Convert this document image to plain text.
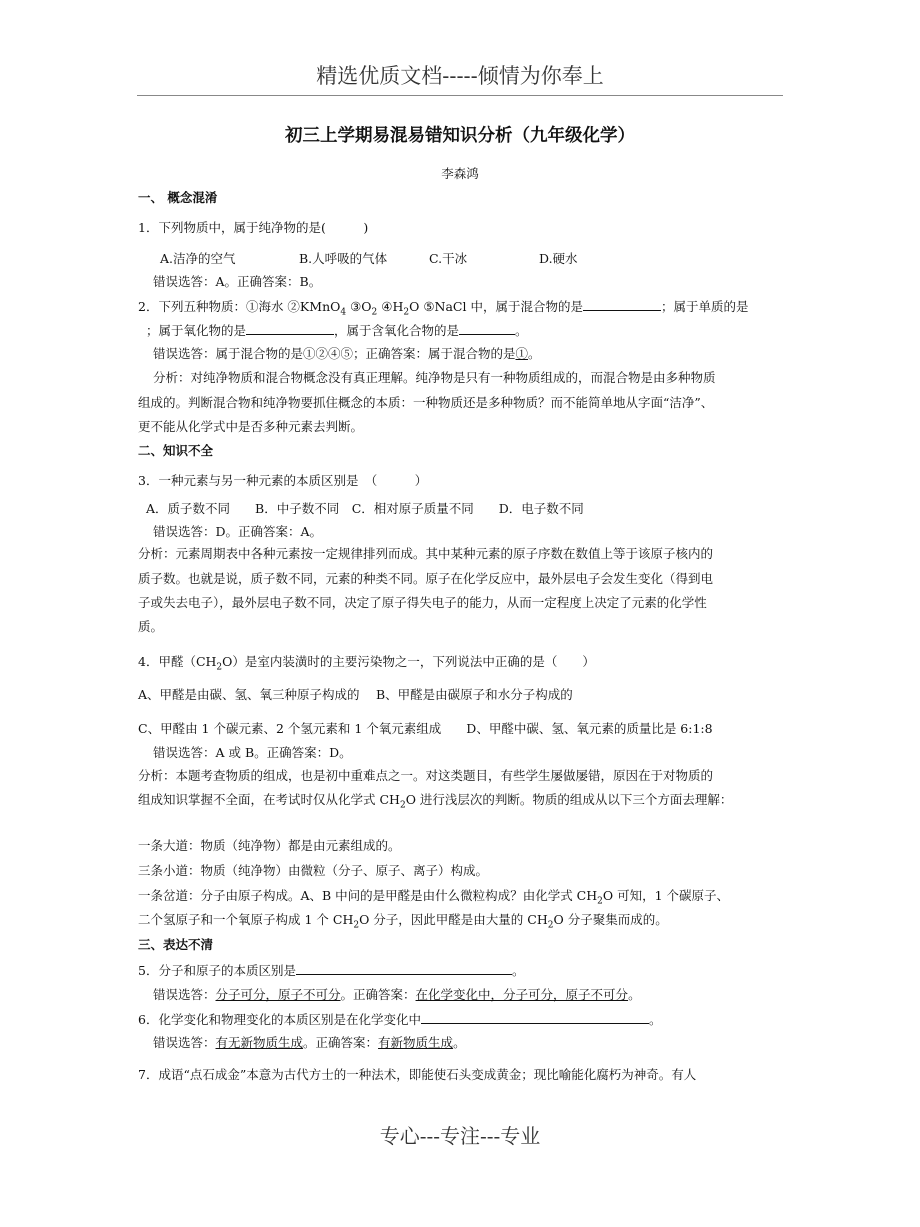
精选优质文档-----倾情为你奉上
初三上学期易混易错知识分析（九年级化学）
李森鸿
一、 概念混淆
1．下列物质中，属于纯净物的是(　　　)
A.洁净的空气	B.人呼吸的气体	C.干冰	D.硬水
错误选答：A。正确答案：B。
2．下列五种物质：①海水 ②KMnO$_4$ $③O_2$ $④H_2O$ ⑤NaCl 中，属于混合物的是	；属于单质的是
；属于氧化物的是	，属于含氧化合物的是	。
错误选答：属于混合物的是①②④⑤；正确答案：属于混合物的是①。
分析：对纯净物质和混合物概念没有真正理解。纯净物是只有一种物质组成的，而混合物是由多种物质
组成的。判断混合物和纯净物要抓住概念的本质：一种物质还是多种物质？而不能简单地从字面“洁净”、
更不能从化学式中是否多种元素去判断。
二、知识不全
3．一种元素与另一种元素的本质区别是　（　　　）
A．质子数不同　　B．中子数不同　C．相对原子质量不同　　D．电子数不同
错误选答：D。正确答案：A。
分析：元素周期表中各种元素按一定规律排列而成。其中某种元素的原子序数在数值上等于该原子核内的
质子数。也就是说，质子数不同，元素的种类不同。原子在化学反应中，最外层电子会发生变化（得到电
子或失去电子），最外层电子数不同，决定了原子得失电子的能力，从而一定程度上决定了元素的化学性
质。
4．甲醛$(CH_2O)$是室内装潢时的主要污染物之一，下列说法中正确的是（　　）
A、甲醛是由碳、氢、氧三种原子构成的　 B、甲醛是由碳原子和水分子构成的
C、甲醛由 1 个碳元素、2 个氢元素和 1 个氧元素组成　　D、甲醛中碳、氢、氧元素的质量比是 6:1:8
错误选答：A 或 B。正确答案：D。
分析：本题考查物质的组成，也是初中重难点之一。对这类题目，有些学生屡做屡错，原因在于对物质的
组成知识掌握不全面，在考试时仅从化学式 $CH_2O$ 进行浅层次的判断。物质的组成从以下三个方面去理解：
一条大道：物质（纯净物）都是由元素组成的。
三条小道：物质（纯净物）由微粒（分子、原子、离子）构成。
一条岔道：分子由原子构成。A、B 中问的是甲醛是由什么微粒构成？由化学式 $CH_2O$ 可知，1 个碳原子、
二个氢原子和一个氧原子构成 1 个 $CH_2O$ 分子，因此甲醛是由大量的 $CH_2O$ 分子聚集而成的。
三、表达不清
5．分子和原子的本质区别是	。
错误选答：分子可分，原子不可分。正确答案：在化学变化中，分子可分，原子不可分。
6．化学变化和物理变化的本质区别是在化学变化中	。
错误选答：有无新物质生成。正确答案：有新物质生成。
7．成语“点石成金”本意为古代方士的一种法术，即能使石头变成黄金；现比喻能化腐朽为神奇。有人
专心---专注---专业
